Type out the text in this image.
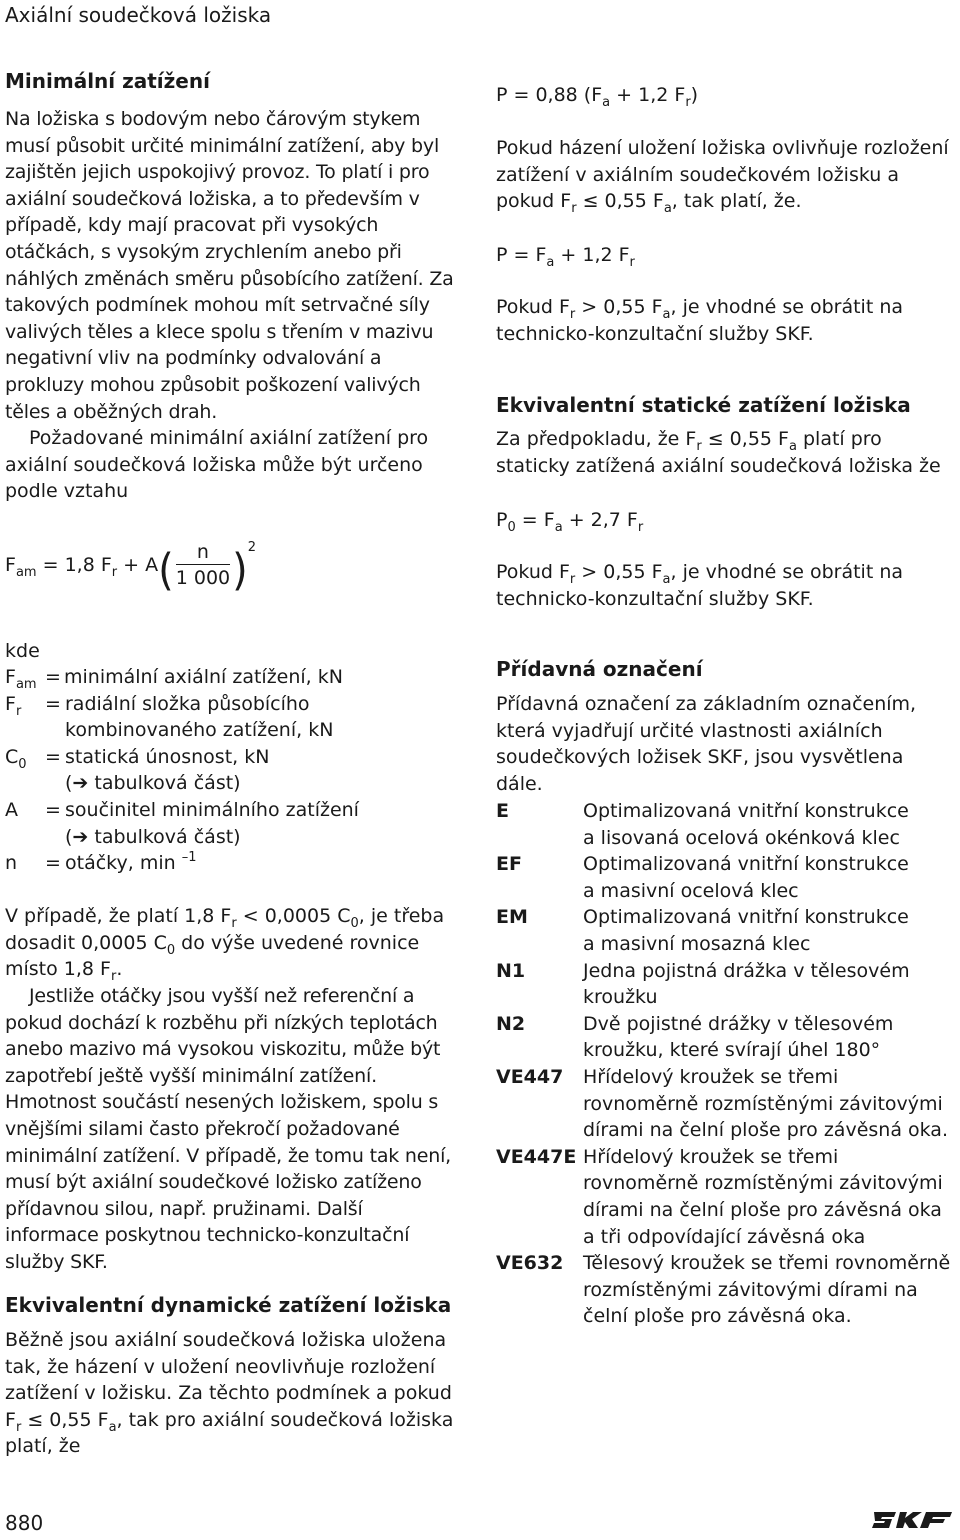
Axiální soudečková ložiska
Minimální zatížení

Na ložiska s bodovým nebo čárovým stykem musí působit určité minimální zatížení, aby byl zajištěn jejich uspokojivý provoz. To platí i pro axiální soudečková ložiska, a to především v případě, kdy mají pracovat při vysokých otáčkách, s vysokým zrychlením anebo při náhlých změnách směru působícího zatížení. Za takových podmínek mohou mít setrvačné síly valivých těles a klece spolu s třením v mazivu negativní vliv na podmínky odvalování a prokluzy mohou způsobit poškození valivých těles a oběžných drah.

Požadované minimální axiální zatížení pro axiální soudečková ložiska může být určeno podle vztahu

$F_{am} = 1,8$ $F_r + A( \frac{n}{1 000} )^2$
kde
$F_{am}$ = minimální axiální zatížení, kN
$F_r$	= radiální složka působícího kombinovaného zatížení, kN
$C_0$ = statická únosnost, kN
(➔ tabulková část)
A	= součinitel minimálního zatížení
(➔ tabulková část)
n	= otáčky, min $^{-1}$

V případě, že platí 1,8 $F_r < 0,0005$ $C_0$, je třeba dosadit 0,0005 $C_0$ do výše uvedené rovnice místo 1,8 $F_r$.

Jestliže otáčky jsou vyšší než referenční a pokud dochází k rozběhu při nízkých teplotách anebo mazivo má vysokou viskozitu, může být zapotřebí ještě vyšší minimální zatížení. Hmotnost součástí nesených ložiskem, spolu s vnějšími silami často překročí požadované minimální zatížení. V případě, že tomu tak není, musí být axiální soudečkové ložisko zatíženo přídavnou silou, např. pružinami. Další informace poskytnou technicko-konzultační služby SKF.

Ekvivalentní dynamické zatížení ložiska

Běžně jsou axiální soudečková ložiska uložena tak, že házení v uložení neovlivňuje rozložení zatížení v ložisku. Za těchto podmínek a pokud $F_r \le 0,55$ $F_a$, tak pro axiální soudečková ložiska platí, že

P = 0,88 ($F_a + 1,2$ $F_r$)

Pokud házení uložení ložiska ovlivňuje rozložení zatížení v axiálním soudečkovém ložisku a pokud $F_r \le 0,55$ $F_a$, tak platí, že.

$P = F_a + 1,2$ $F_r$

Pokud $F_r > 0,55$ $F_a$, je vhodné se obrátit na technicko-konzultační služby SKF.

Ekvivalentní statické zatížení ložiska

Za předpokladu, že $F_r \le 0,55$ $F_a$ platí pro staticky zatížená axiální soudečková ložiska že

$P_0 = F_a + 2,7$ $F_r$

Pokud $F_r > 0,55$ $F_a$, je vhodné se obrátit na technicko-konzultační služby SKF.

Přídavná označení

Přídavná označení za základním označením, která vyjadřují určité vlastnosti axiálních soudečkových ložisek SKF, jsou vysvětlena dále.

E	Optimalizovaná vnitřní konstrukce a lisovaná ocelová okénková klec
EF	Optimalizovaná vnitřní konstrukce a masivní ocelová klec
EM	Optimalizovaná vnitřní konstrukce a masivní mosazná klec
N1	Jedna pojistná drážka v tělesovém kroužku
N2	Dvě pojistné drážky v tělesovém kroužku, které svírají úhel 180°
VE447	Hřídelový kroužek se třemi rovnoměrně rozmístěnými závitovými dírami na čelní ploše pro závěsná oka.
VE447E Hřídelový kroužek se třemi rovnoměrně rozmístěnými závitovými dírami na čelní ploše pro závěsná oka a tři odpovídající závěsná oka
VE632	Tělesový kroužek se třemi rovnoměrně rozmístěnými závitovými dírami na čelní ploše pro závěsná oka.
880
